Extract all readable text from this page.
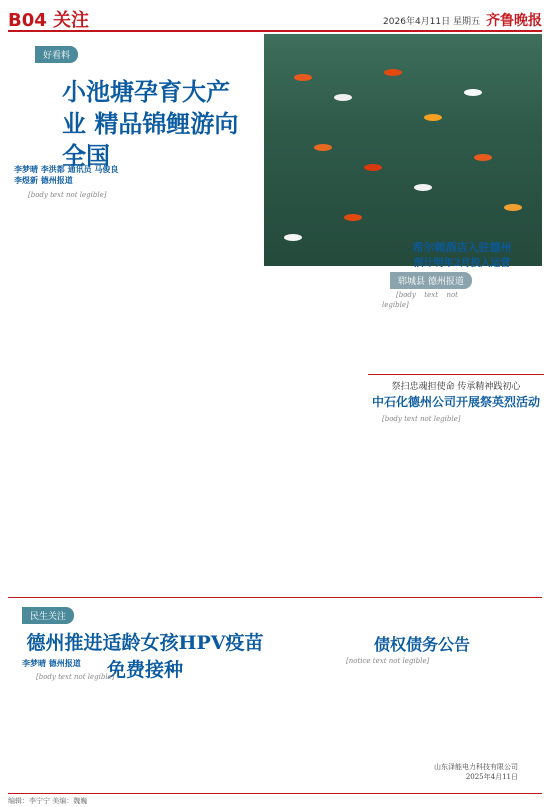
B04 关注	2026年4月11日 星期五 齐鲁晚报
好看料
小池塘孕育大产业 精品锦鲤游向全国
李梦晴 李洪都 通讯员 马俊良
李煜新 德州报道

[body text not legible]

希尔顿酒店入驻德州
预计明年2月投入运营
郓城县 德州报道

[body text not legible]

祭扫忠魂担使命 传承精神践初心
中石化德州公司开展祭英烈活动

[body text not legible]

民生关注
德州推进适龄女孩HPV疫苗免费接种
李梦晴 德州报道

[body text not legible]

债权债务公告

[notice text not legible]

山东泽能电力科技有限公司
2025年4月11日
编辑：李宁宁 美编：魏巍
